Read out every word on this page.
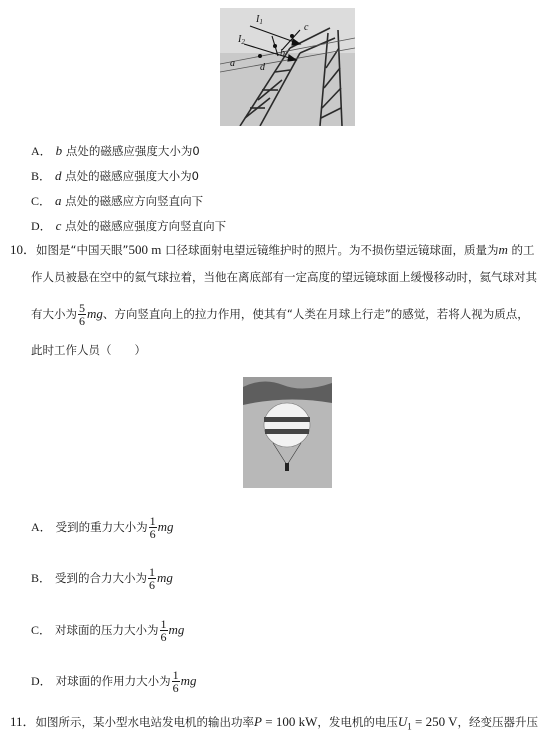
$I_1$
$I_2$
a
b
c
d
A． b 点处的磁感应强度大小为0
B． d 点处的磁感应强度大小为0
C． a 点处的磁感应方向竖直向下
D． c 点处的磁感应强度方向竖直向下
10．如图是“中国天眼”500 m 口径球面射电望远镜维护时的照片。为不损伤望远镜球面，质量为m 的工
作人员被悬在空中的氦气球拉着，当他在离底部有一定高度的望远镜球面上缓慢移动时，氦气球对其
有大小为 $\frac{5}{6}$ mg、方向竖直向上的拉力作用，使其有“人类在月球上行走”的感觉，若将人视为质点，
此时工作人员（　　）
A． 受到的重力大小为 $\frac{1}{6}$ mg
B． 受到的合力大小为 $\frac{1}{6}$ mg
C． 对球面的压力大小为 $\frac{1}{6}$ mg
D． 对球面的作用力大小为 $\frac{1}{6}$ mg
11．如图所示，某小型水电站发电机的输出功率P = 100 kW，发电机的电压$U_1 = 250$ V，经变压器升压
